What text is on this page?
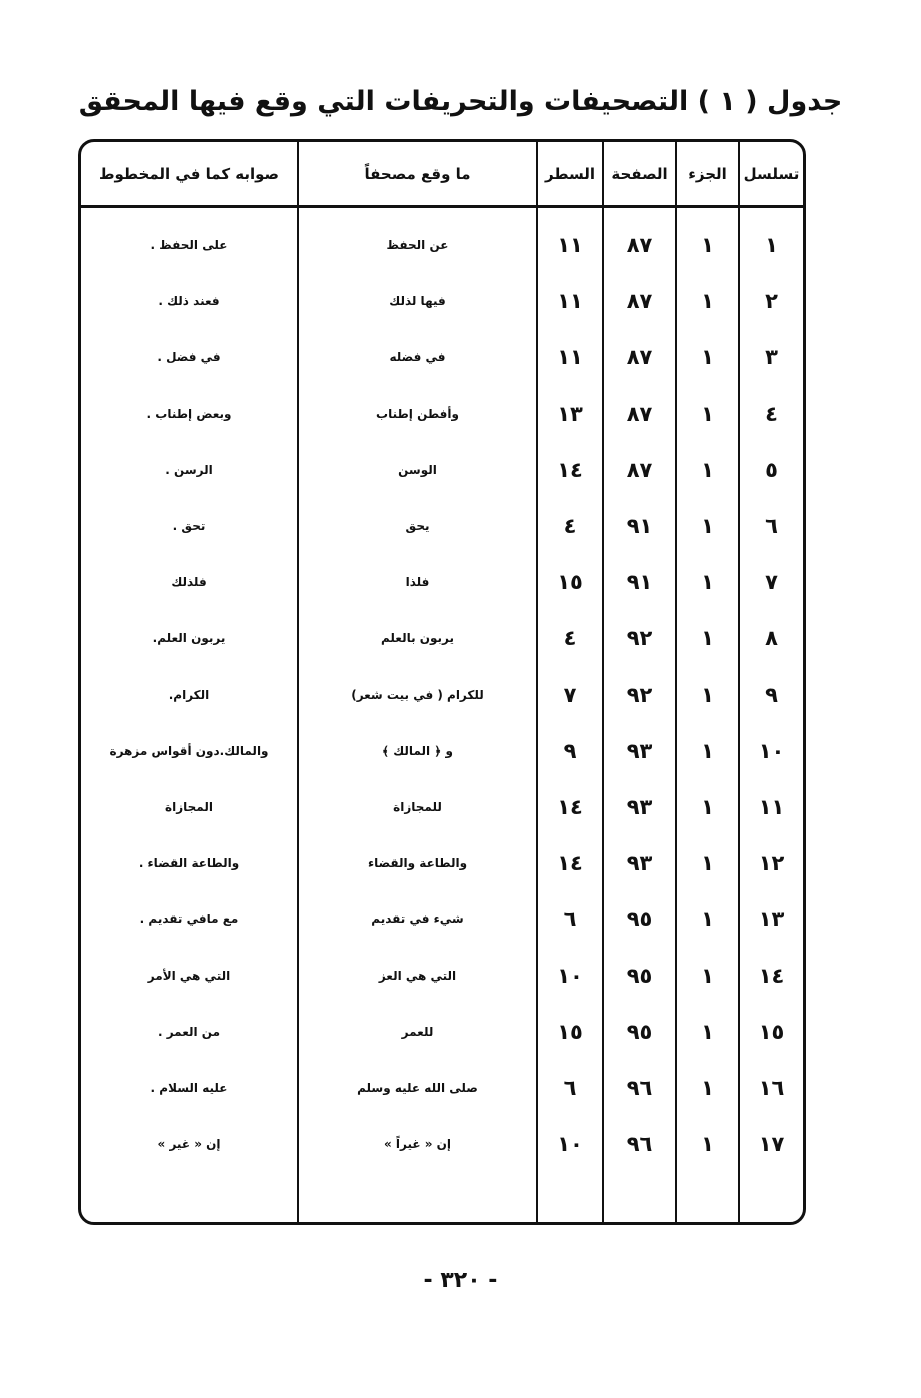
جدول ( ١ ) التصحيفات والتحريفات التي وقع فيها المحقق
تسلسل
الجزء
الصفحة
السطر
ما وقع مصحفاً
صوابه كما في المخطوط
١
١
٨٧
١١
عن الحفظ
على الحفظ .
٢
١
٨٧
١١
فيها لذلك
فعند ذلك .
٣
١
٨٧
١١
في فضله
في فضل .
٤
١
٨٧
١٣
وأفطن إطناب
وبعض إطناب .
٥
١
٨٧
١٤
الوسن
الرسن .
٦
١
٩١
٤
يحق
تحق .
٧
١
٩١
١٥
فلذا
فلذلك
٨
١
٩٢
٤
يربون بالعلم
يربون العلم.
٩
١
٩٢
٧
للكرام ( في بيت شعر)
الكرام.
١٠
١
٩٣
٩
و ﴿ المالك ﴾
والمالك.دون أقواس مزهرة
١١
١
٩٣
١٤
للمجازاة
المجازاة
١٢
١
٩٣
١٤
والطاعة والقضاء
والطاعة القضاء .
١٣
١
٩٥
٦
شيء في تقديم
مع مافي تقديم .
١٤
١
٩٥
١٠
التي هي العز
التي هي الأمر
١٥
١
٩٥
١٥
للعمر
من العمر .
١٦
١
٩٦
٦
صلى الله عليه وسلم
عليه السلام .
١٧
١
٩٦
١٠
إن « غيراً »
إن « غير »
- ٣٢٠ -
